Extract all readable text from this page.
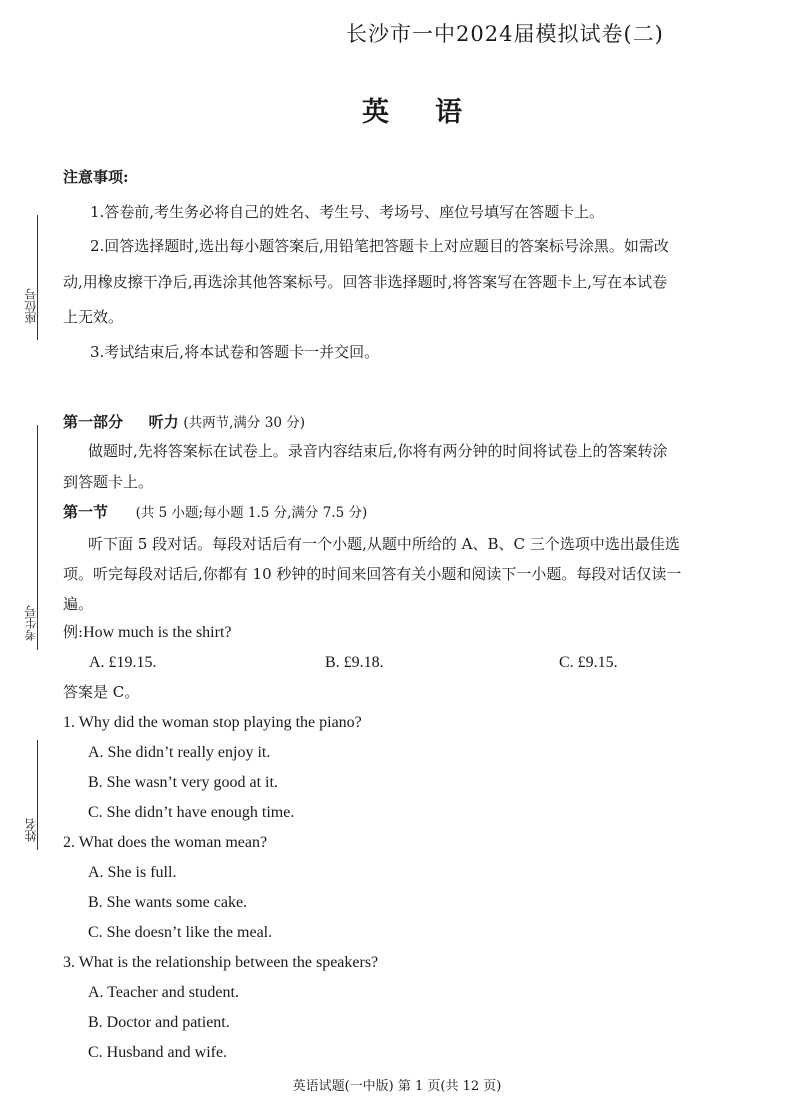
长沙市一中2024届模拟试卷(二)
英语
座位号
考生号
姓名
注意事项:
1.答卷前,考生务必将自己的姓名、考生号、考场号、座位号填写在答题卡上。
2.回答选择题时,选出每小题答案后,用铅笔把答题卡上对应题目的答案标号涂黑。如需改
动,用橡皮擦干净后,再选涂其他答案标号。回答非选择题时,将答案写在答题卡上,写在本试卷
上无效。
3.考试结束后,将本试卷和答题卡一并交回。
第一部分 听力 (共两节,满分 30 分)
做题时,先将答案标在试卷上。录音内容结束后,你将有两分钟的时间将试卷上的答案转涂
到答题卡上。
第一节 (共 5 小题;每小题 1.5 分,满分 7.5 分)
听下面 5 段对话。每段对话后有一个小题,从题中所给的 A、B、C 三个选项中选出最佳选
项。听完每段对话后,你都有 10 秒钟的时间来回答有关小题和阅读下一小题。每段对话仅读一
遍。
例:How much is the shirt?
A. £19.15.	B. £9.18.	C. £9.15.
答案是 C。
1. Why did the woman stop playing the piano?
A. She didn’t really enjoy it.
B. She wasn’t very good at it.
C. She didn’t have enough time.
2. What does the woman mean?
A. She is full.
B. She wants some cake.
C. She doesn’t like the meal.
3. What is the relationship between the speakers?
A. Teacher and student.
B. Doctor and patient.
C. Husband and wife.
英语试题(一中版) 第 1 页(共 12 页)
